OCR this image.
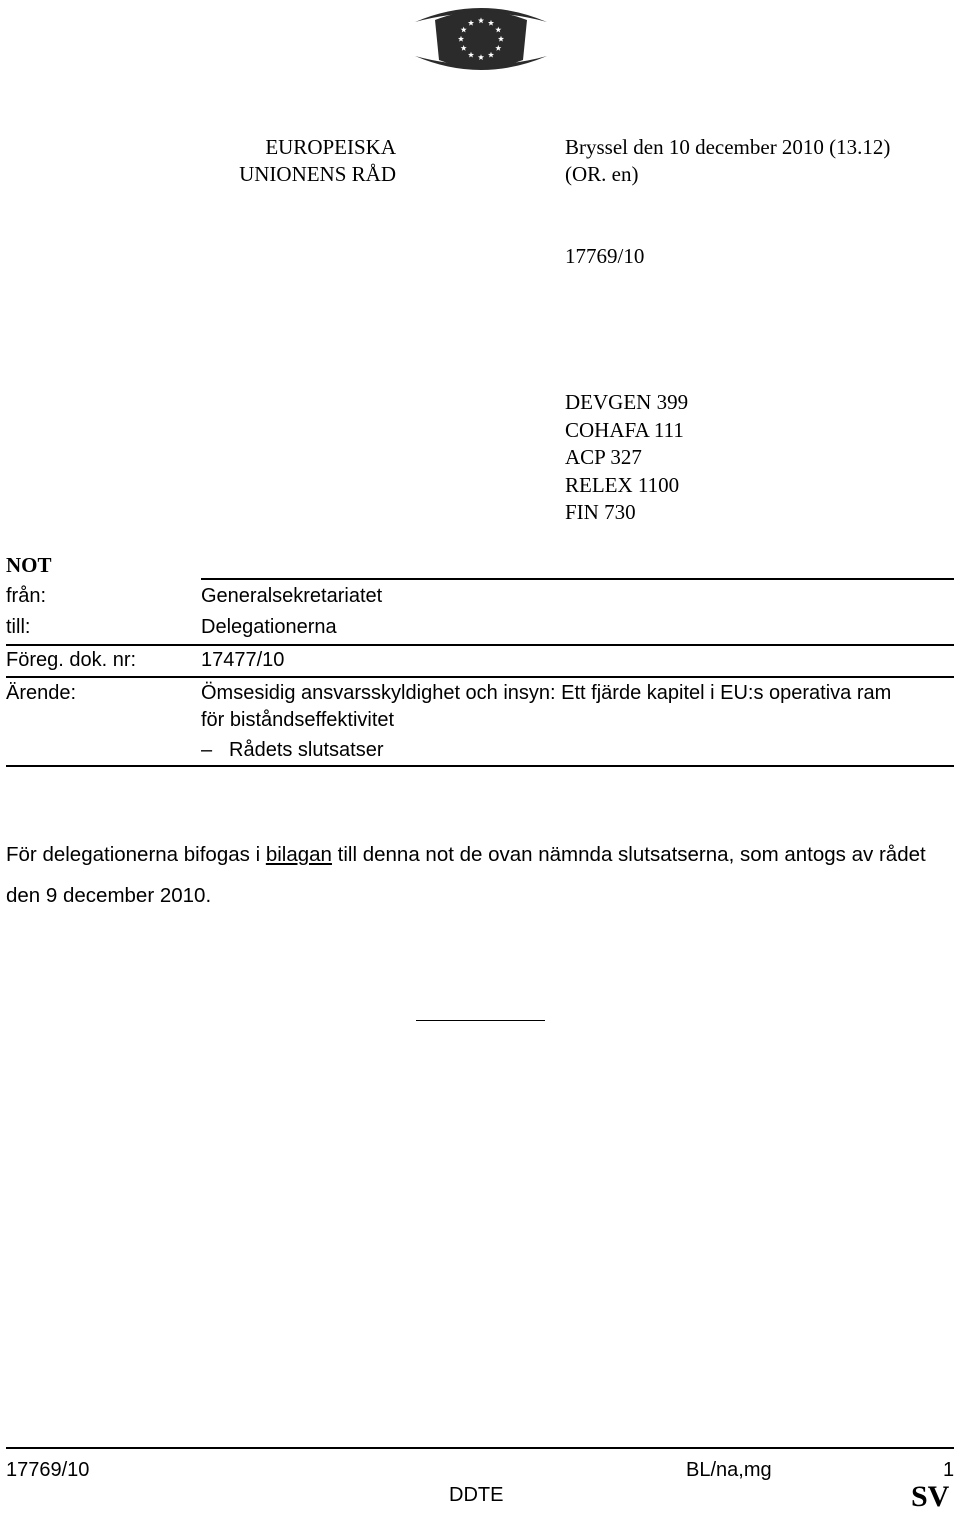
EUROPEISKA
UNIONENS RÅD
Bryssel den 10 december 2010 (13.12)
(OR. en)
17769/10
DEVGEN 399
COHAFA 111
ACP 327
RELEX 1100
FIN 730
NOT
från:	Generalsekretariatet
till:	Delegationerna
Föreg. dok. nr:	17477/10
Ärende:	Ömsesidig ansvarsskyldighet och insyn: Ett fjärde kapitel i EU:s operativa ram
för biståndseffektivitet
– Rådets slutsatser
För delegationerna bifogas i bilagan till denna not de ovan nämnda slutsatserna, som antogs av rådet den 9 december 2010.
17769/10	BL/na,mg	1
DDTE	SV
